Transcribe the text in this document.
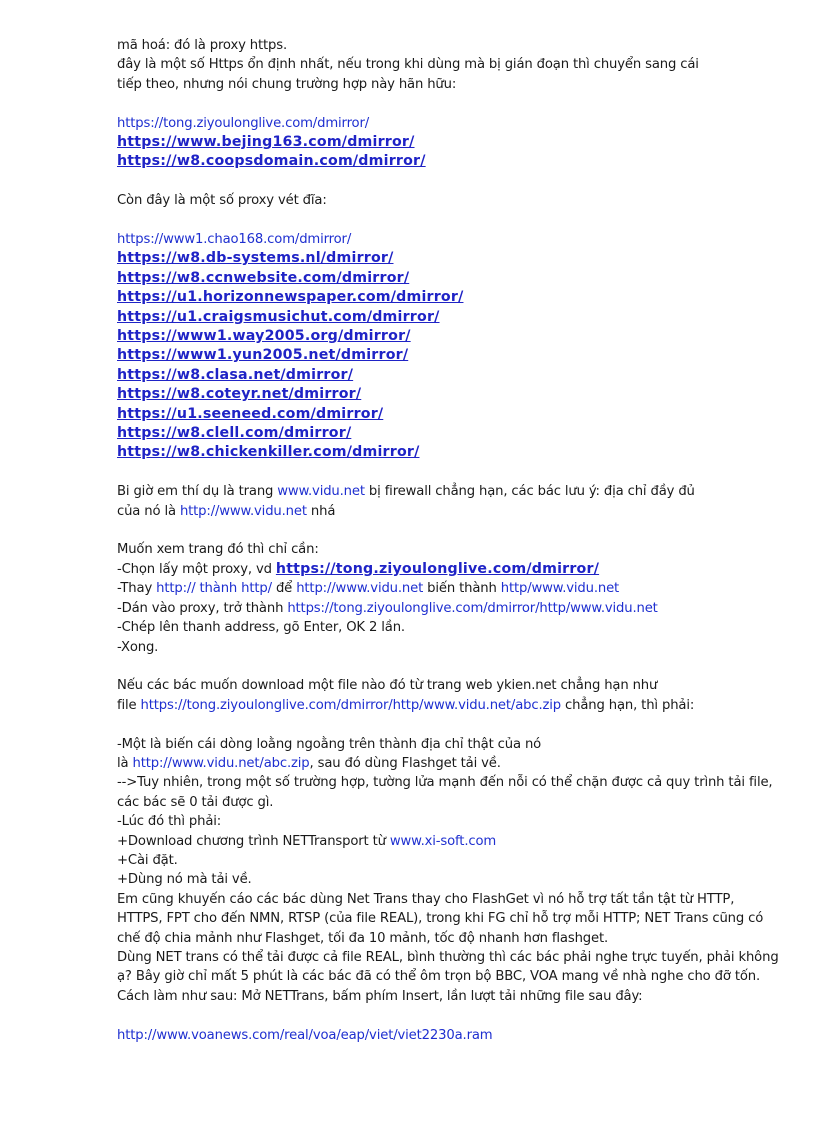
mã hoá: đó là proxy https.
đây là một số Https ổn định nhất, nếu trong khi dùng mà bị gián đoạn thì chuyển sang cái
tiếp theo, nhưng nói chung trường hợp này hãn hữu:
https://tong.ziyoulonglive.com/dmirror/
https://www.bejing163.com/dmirror/
https://w8.coopsdomain.com/dmirror/
Còn đây là một số proxy vét đĩa:
https://www1.chao168.com/dmirror/
https://w8.db-systems.nl/dmirror/
https://w8.ccnwebsite.com/dmirror/
https://u1.horizonnewspaper.com/dmirror/
https://u1.craigsmusichut.com/dmirror/
https://www1.way2005.org/dmirror/
https://www1.yun2005.net/dmirror/
https://w8.clasa.net/dmirror/
https://w8.coteyr.net/dmirror/
https://u1.seeneed.com/dmirror/
https://w8.clell.com/dmirror/
https://w8.chickenkiller.com/dmirror/
Bi giờ em thí dụ là trang www.vidu.net bị firewall chẳng hạn, các bác lưu ý: địa chỉ đầy đủ
của nó là http://www.vidu.net nhá
Muốn xem trang đó thì chỉ cần:
-Chọn lấy một proxy, vd https://tong.ziyoulonglive.com/dmirror/
-Thay http:// thành http/ để http://www.vidu.net biến thành http/www.vidu.net
-Dán vào proxy, trở thành https://tong.ziyoulonglive.com/dmirror/http/www.vidu.net
-Chép lên thanh address, gõ Enter, OK 2 lần.
-Xong.
Nếu các bác muốn download một file nào đó từ trang web ykien.net chẳng hạn như
file https://tong.ziyoulonglive.com/dmirror/http/www.vidu.net/abc.zip chẳng hạn, thì phải:
-Một là biến cái dòng loằng ngoằng trên thành địa chỉ thật của nó
là http://www.vidu.net/abc.zip, sau đó dùng Flashget tải về.
-->Tuy nhiên, trong một số trường hợp, tường lửa mạnh đến nỗi có thể chặn được cả quy trình tải file, các bác sẽ 0 tải được gì.
-Lúc đó thì phải:
+Download chương trình NETTransport từ www.xi-soft.com
+Cài đặt.
+Dùng nó mà tải về.
Em cũng khuyến cáo các bác dùng Net Trans thay cho FlashGet vì nó hỗ trợ tất tần tật từ HTTP, HTTPS, FPT cho đến NMN, RTSP (của file REAL), trong khi FG chỉ hỗ trợ mỗi HTTP; NET Trans cũng có chế độ chia mảnh như Flashget, tối đa 10 mảnh, tốc độ nhanh hơn flashget.
Dùng NET trans có thể tải được cả file REAL, bình thường thì các bác phải nghe trực tuyến, phải không ạ? Bây giờ chỉ mất 5 phút là các bác đã có thể ôm trọn bộ BBC, VOA mang về nhà nghe cho đỡ tốn.
Cách làm như sau: Mở NETTrans, bấm phím Insert, lần lượt tải những file sau đây:
http://www.voanews.com/real/voa/eap/viet/viet2230a.ram
